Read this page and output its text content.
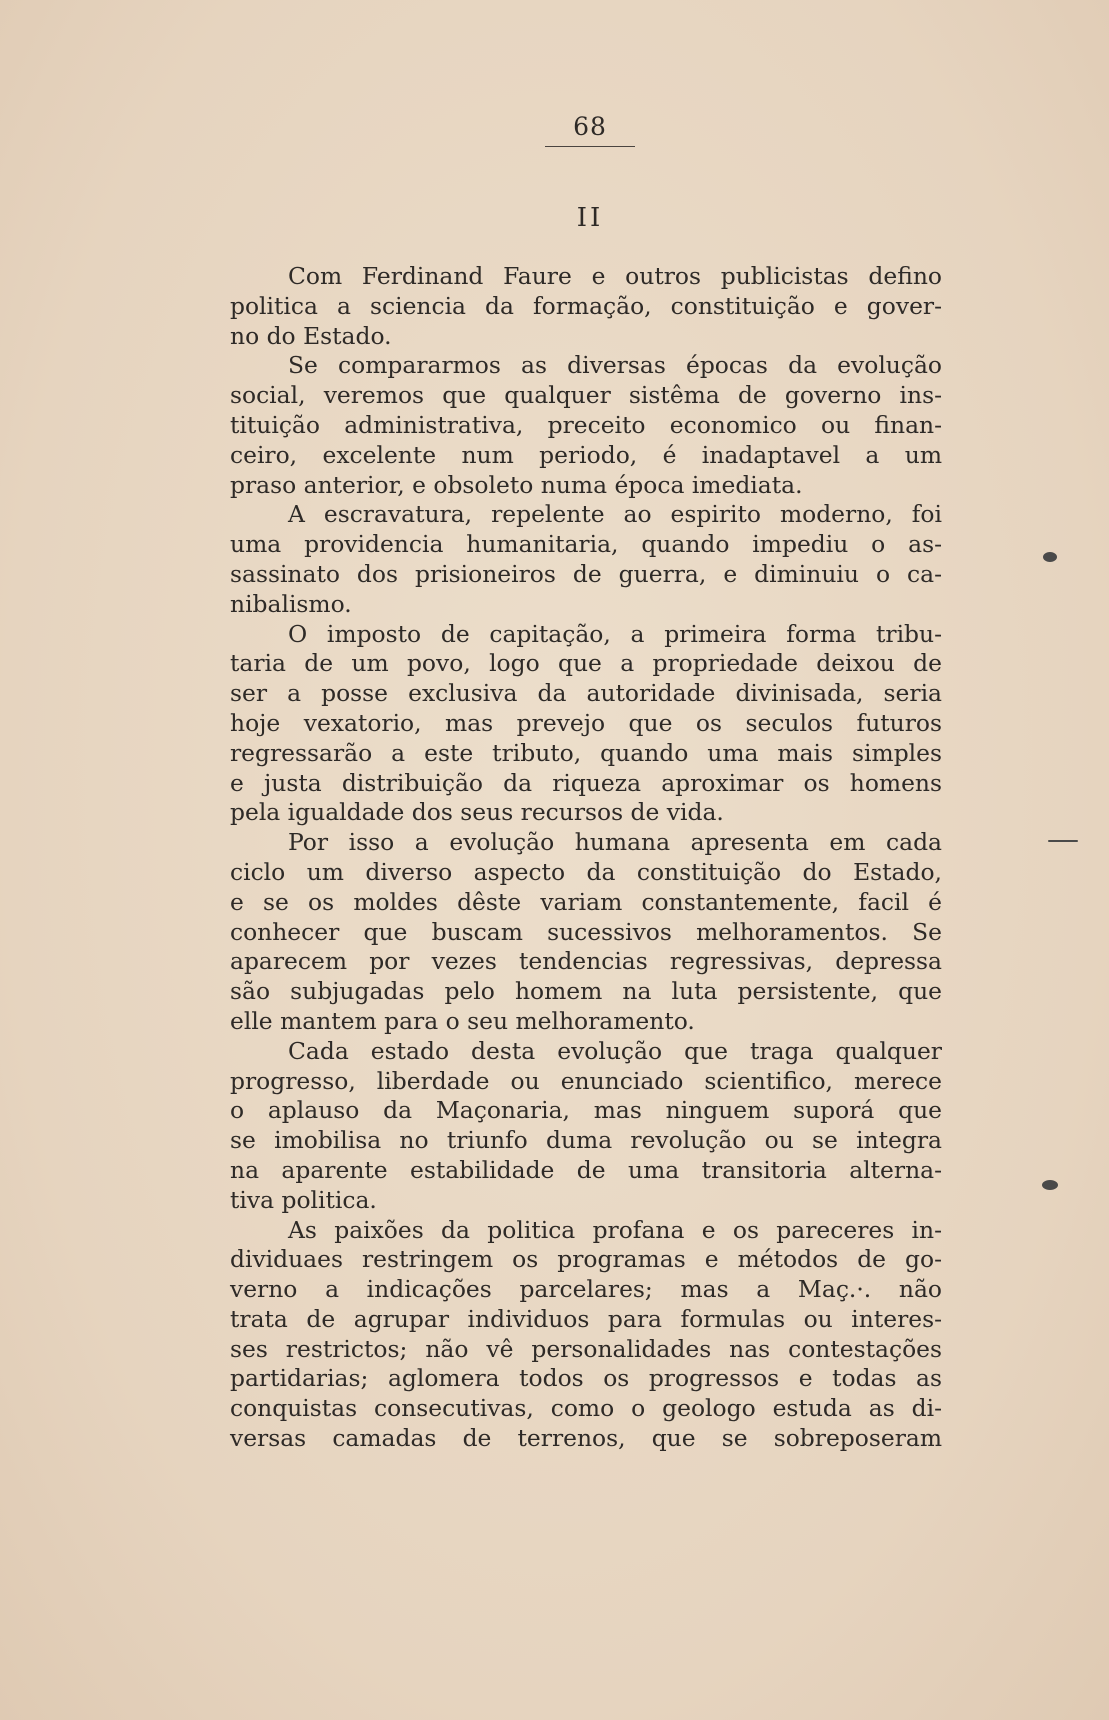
68
II
Com Ferdinand Faure e outros publicistas defino
politica a sciencia da formação, constituição e gover-
no do Estado.
Se compararmos as diversas épocas da evolução
social, veremos que qualquer sistêma de governo ins-
tituição administrativa, preceito economico ou finan-
ceiro, excelente num periodo, é inadaptavel a um
praso anterior, e obsoleto numa época imediata.
A escravatura, repelente ao espirito moderno, foi
uma providencia humanitaria, quando impediu o as-
sassinato dos prisioneiros de guerra, e diminuiu o ca-
nibalismo.
O imposto de capitação, a primeira forma tribu-
taria de um povo, logo que a propriedade deixou de
ser a posse exclusiva da autoridade divinisada, seria
hoje vexatorio, mas prevejo que os seculos futuros
regressarão a este tributo, quando uma mais simples
e justa distribuição da riqueza aproximar os homens
pela igualdade dos seus recursos de vida.
Por isso a evolução humana apresenta em cada
ciclo um diverso aspecto da constituição do Estado,
e se os moldes dêste variam constantemente, facil é
conhecer que buscam sucessivos melhoramentos. Se
aparecem por vezes tendencias regressivas, depressa
são subjugadas pelo homem na luta persistente, que
elle mantem para o seu melhoramento.
Cada estado desta evolução que traga qualquer
progresso, liberdade ou enunciado scientifico, merece
o aplauso da Maçonaria, mas ninguem suporá que
se imobilisa no triunfo duma revolução ou se integra
na aparente estabilidade de uma transitoria alterna-
tiva politica.
As paixões da politica profana e os pareceres in-
dividuaes restringem os programas e métodos de go-
verno a indicações parcelares; mas a Maç.·. não
trata de agrupar individuos para formulas ou interes-
ses restrictos; não vê personalidades nas contestações
partidarias; aglomera todos os progressos e todas as
conquistas consecutivas, como o geologo estuda as di-
versas camadas de terrenos, que se sobreposeram
